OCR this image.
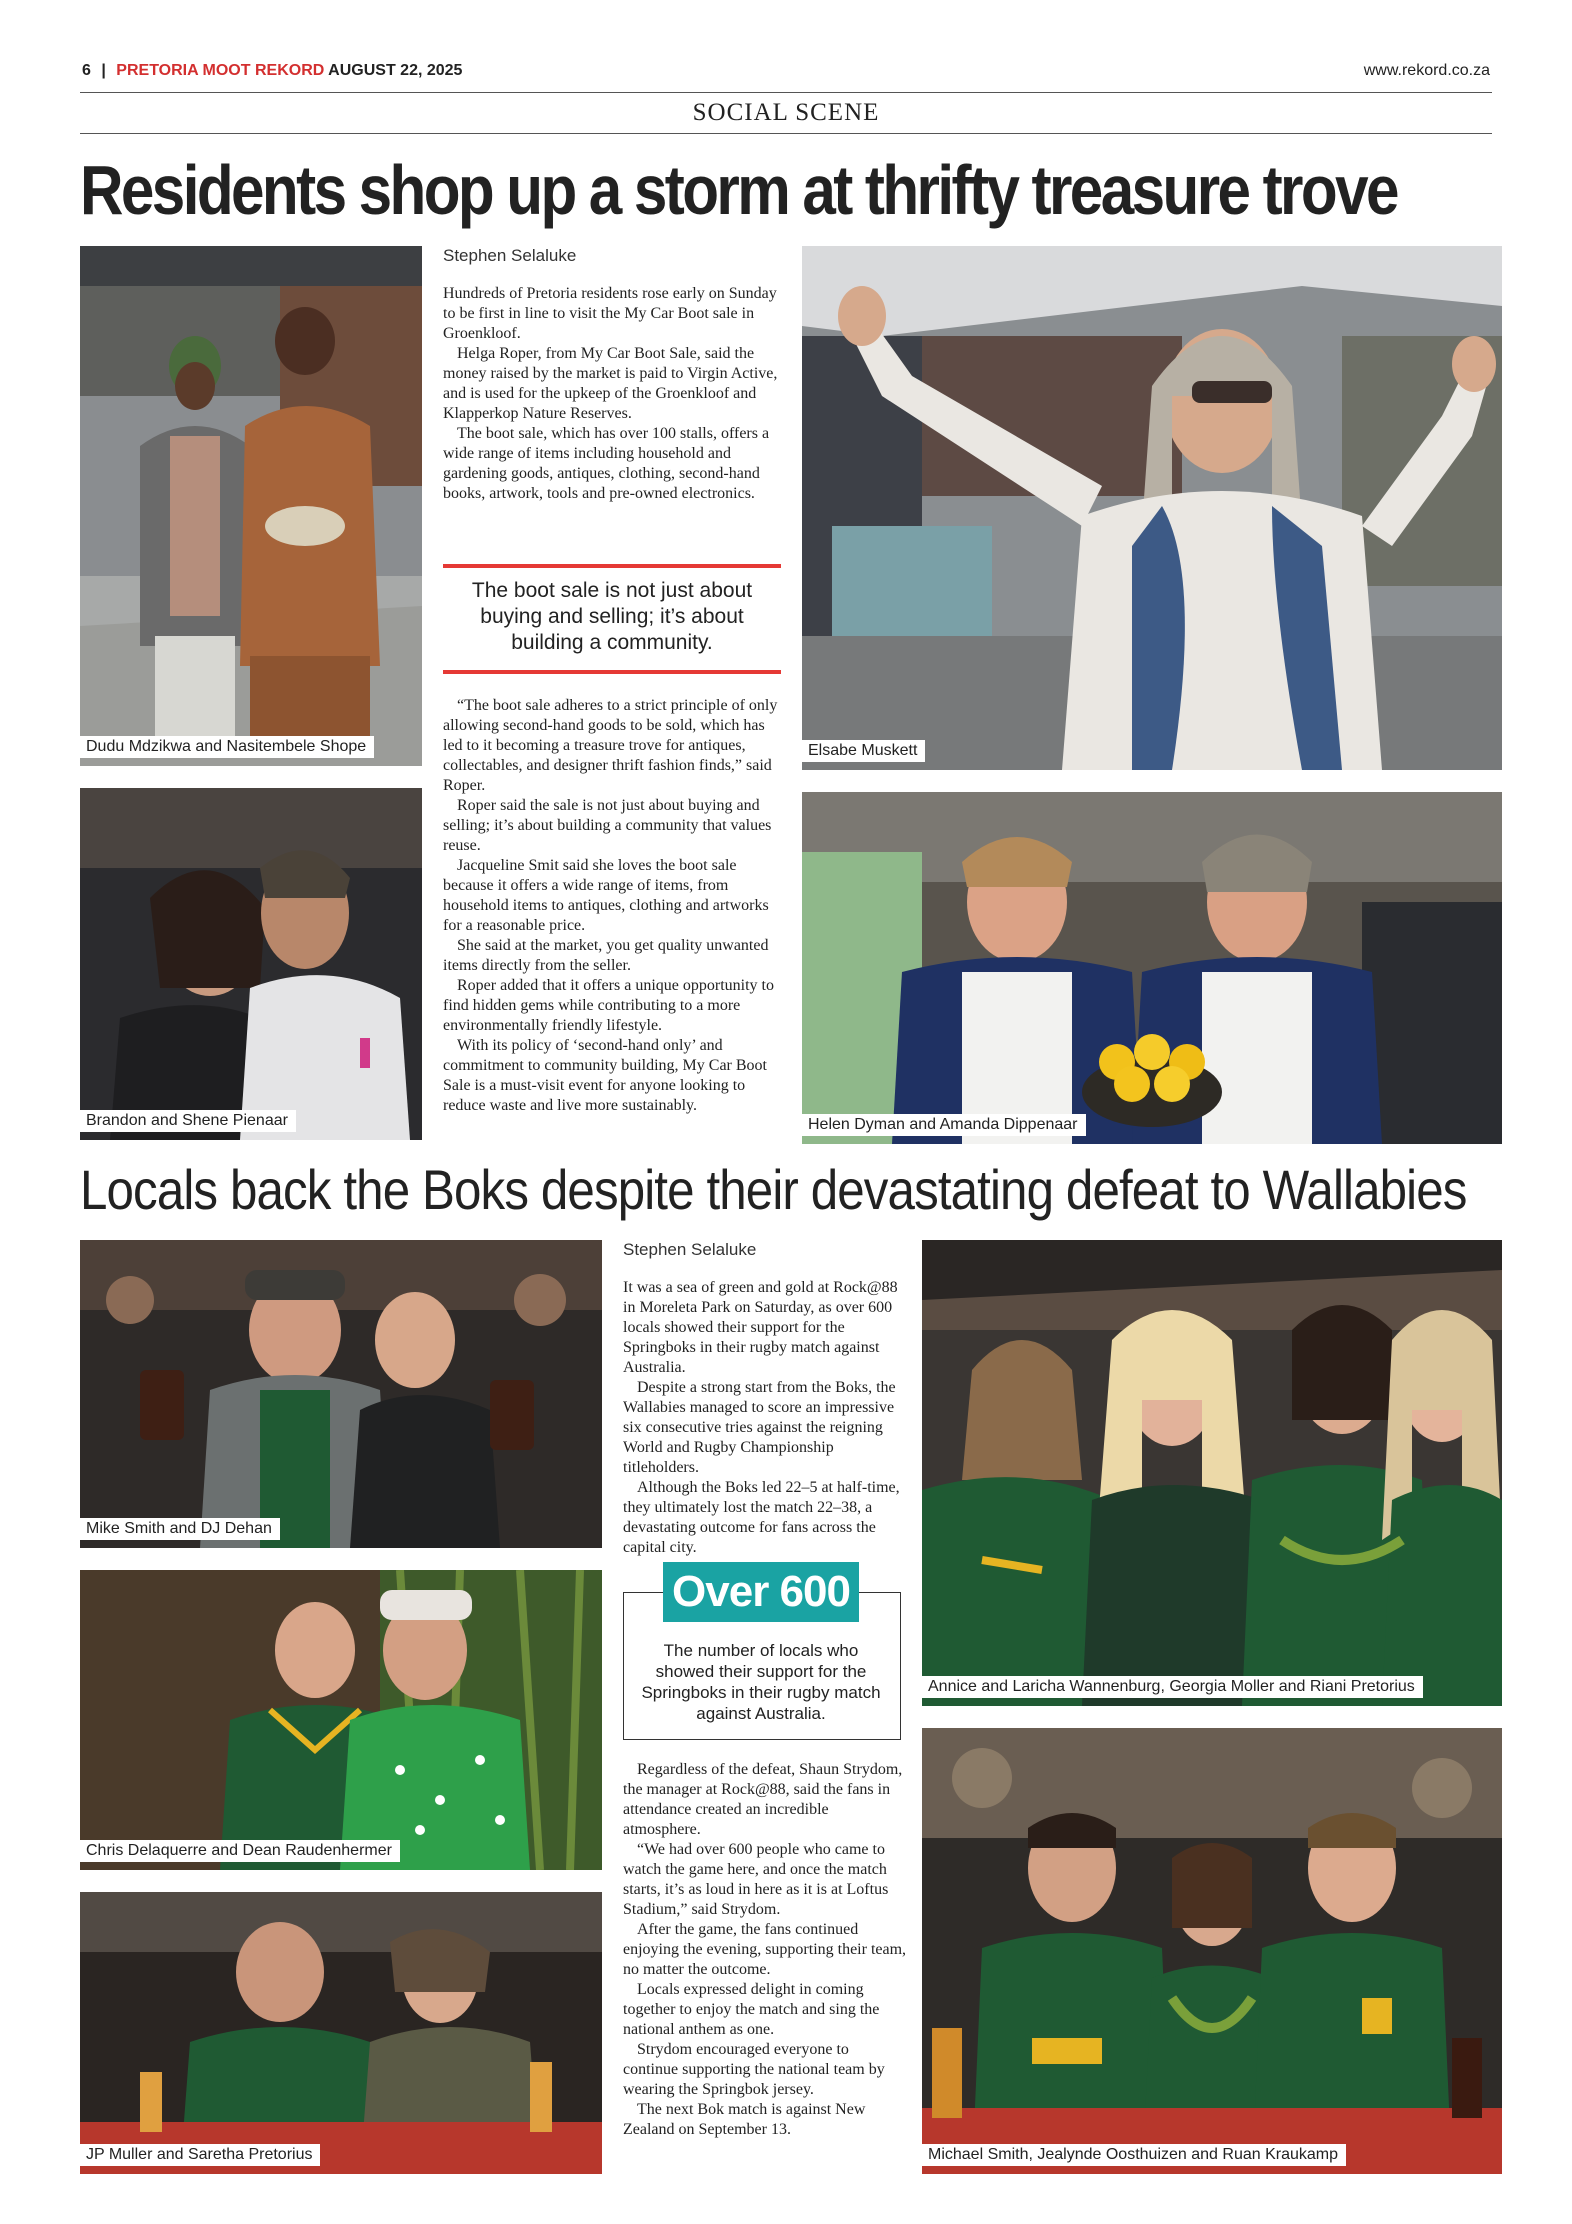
6 | PRETORIA MOOT REKORD AUGUST 22, 2025	www.rekord.co.za
SOCIAL SCENE
Residents shop up a storm at thrifty treasure trove
Dudu Mdzikwa and Nasitembele Shope
Brandon and Shene Pienaar
Stephen Selaluke

Hundreds of Pretoria residents rose early on Sunday to be first in line to visit the My Car Boot sale in Groenkloof.

Helga Roper, from My Car Boot Sale, said the money raised by the market is paid to Virgin Active, and is used for the upkeep of the Groenkloof and Klapperkop Nature Reserves.

The boot sale, which has over 100 stalls, offers a wide range of items including household and gardening goods, antiques, clothing, second-hand books, artwork, tools and pre-owned electronics.

The boot sale is not just about buying and selling; it’s about building a community.

“The boot sale adheres to a strict principle of only allowing second-hand goods to be sold, which has led to it becoming a treasure trove for antiques, collectables, and designer thrift fashion finds,” said Roper.

Roper said the sale is not just about buying and selling; it’s about building a community that values reuse.

Jacqueline Smit said she loves the boot sale because it offers a wide range of items, from household items to antiques, clothing and artworks for a reasonable price.

She said at the market, you get quality unwanted items directly from the seller.

Roper added that it offers a unique opportunity to find hidden gems while contributing to a more environmentally friendly lifestyle.

With its policy of ‘second-hand only’ and commitment to community building, My Car Boot Sale is a must-visit event for anyone looking to reduce waste and live more sustainably.

Elsabe Muskett
Helen Dyman and Amanda Dippenaar
Locals back the Boks despite their devastating defeat to Wallabies
Mike Smith and DJ Dehan
Chris Delaquerre and Dean Raudenhermer
JP Muller and Saretha Pretorius
Stephen Selaluke

It was a sea of green and gold at Rock@88 in Moreleta Park on Saturday, as over 600 locals showed their support for the Springboks in their rugby match against Australia.

Despite a strong start from the Boks, the Wallabies managed to score an impressive six consecutive tries against the reigning World and Rugby Championship titleholders.

Although the Boks led 22–5 at half-time, they ultimately lost the match 22–38, a devastating outcome for fans across the capital city.

Over 600
The number of locals who showed their support for the Springboks in their rugby match against Australia.

Regardless of the defeat, Shaun Strydom, the manager at Rock@88, said the fans in attendance created an incredible atmosphere.

“We had over 600 people who came to watch the game here, and once the match starts, it’s as loud in here as it is at Loftus Stadium,” said Strydom.

After the game, the fans continued enjoying the evening, supporting their team, no matter the outcome.

Locals expressed delight in coming together to enjoy the match and sing the national anthem as one.

Strydom encouraged everyone to continue supporting the national team by wearing the Springbok jersey.

The next Bok match is against New Zealand on September 13.

Annice and Laricha Wannenburg, Georgia Moller and Riani Pretorius
Michael Smith, Jealynde Oosthuizen and Ruan Kraukamp
